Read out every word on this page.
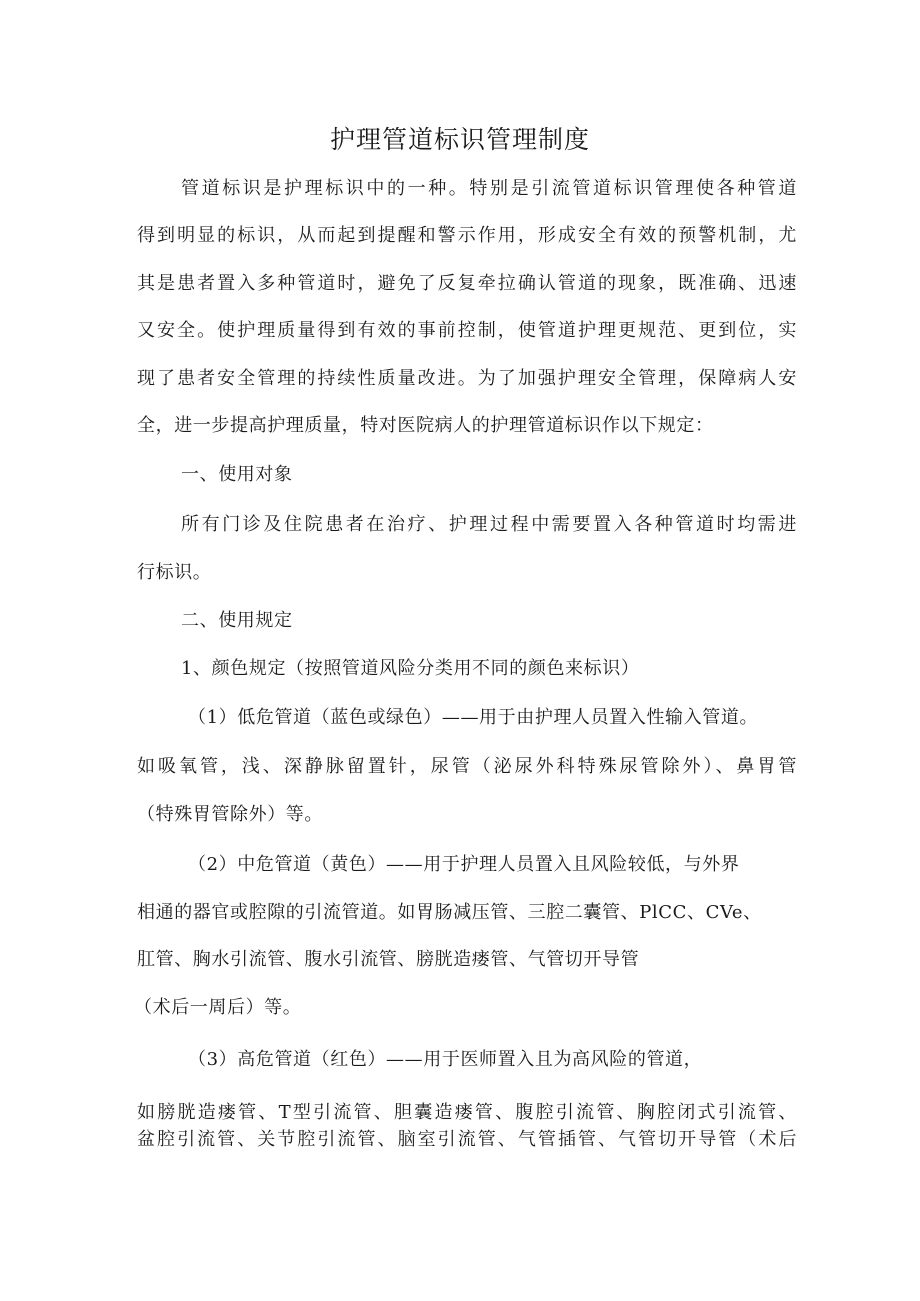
护理管道标识管理制度
管道标识是护理标识中的一种。特别是引流管道标识管理使各种管道
得到明显的标识，从而起到提醒和警示作用，形成安全有效的预警机制，尤
其是患者置入多种管道时，避免了反复牵拉确认管道的现象，既准确、迅速
又安全。使护理质量得到有效的事前控制，使管道护理更规范、更到位，实
现了患者安全管理的持续性质量改进。为了加强护理安全管理，保障病人安
全，进一步提高护理质量，特对医院病人的护理管道标识作以下规定：
一、使用对象
所有门诊及住院患者在治疗、护理过程中需要置入各种管道时均需进
行标识。
二、使用规定
1、颜色规定（按照管道风险分类用不同的颜色来标识）
（1）低危管道（蓝色或绿色）——用于由护理人员置入性输入管道。
如吸氧管，浅、深静脉留置针，尿管（泌尿外科特殊尿管除外）、鼻胃管
（特殊胃管除外）等。
（2）中危管道（黄色）——用于护理人员置入且风险较低，与外界
相通的器官或腔隙的引流管道。如胃肠减压管、三腔二囊管、PlCC、CVe、
肛管、胸水引流管、腹水引流管、膀胱造瘘管、气管切开导管
（术后一周后）等。
（3）高危管道（红色）——用于医师置入且为高风险的管道，
如膀胱造瘘管、T型引流管、胆囊造瘘管、腹腔引流管、胸腔闭式引流管、
盆腔引流管、关节腔引流管、脑室引流管、气管插管、气管切开导管（术后
